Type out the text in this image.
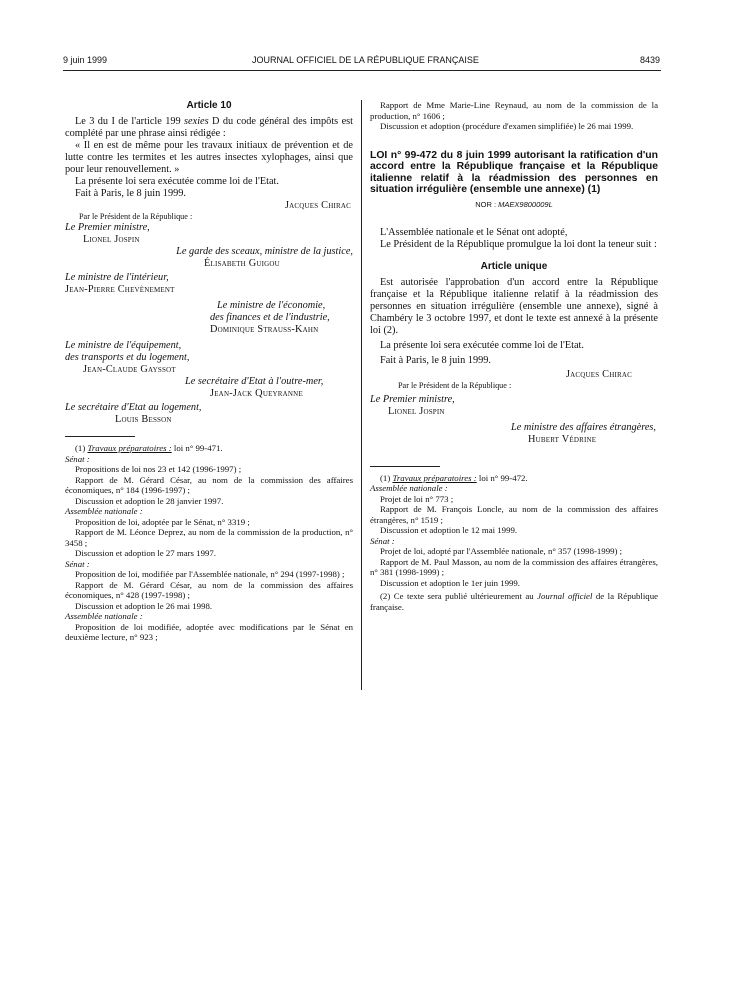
9 juin 1999	JOURNAL OFFICIEL DE LA RÉPUBLIQUE FRANÇAISE	8439
Article 10

Le 3 du I de l'article 199 sexies D du code général des impôts est complété par une phrase ainsi rédigée :

« Il en est de même pour les travaux initiaux de prévention et de lutte contre les termites et les autres insectes xylophages, ainsi que pour leur renouvellement. »

La présente loi sera exécutée comme loi de l'Etat.

Fait à Paris, le 8 juin 1999.

Jacques Chirac

Par le Président de la République :

Le Premier ministre,

Lionel Jospin

Le garde des sceaux, ministre de la justice,

Élisabeth Guigou

Le ministre de l'intérieur,

Jean-Pierre Chevènement

Le ministre de l'économie,

des finances et de l'industrie,

Dominique Strauss-Kahn

Le ministre de l'équipement,

des transports et du logement,

Jean-Claude Gayssot

Le secrétaire d'Etat à l'outre-mer,

Jean-Jack Queyranne

Le secrétaire d'Etat au logement,

Louis Besson

(1) Travaux préparatoires : loi n° 99-471.

Sénat :

Propositions de loi nos 23 et 142 (1996-1997) ;

Rapport de M. Gérard César, au nom de la commission des affaires économiques, n° 184 (1996-1997) ;

Discussion et adoption le 28 janvier 1997.

Assemblée nationale :

Proposition de loi, adoptée par le Sénat, n° 3319 ;

Rapport de M. Léonce Deprez, au nom de la commission de la production, n° 3458 ;

Discussion et adoption le 27 mars 1997.

Sénat :

Proposition de loi, modifiée par l'Assemblée nationale, n° 294 (1997-1998) ;

Rapport de M. Gérard César, au nom de la commission des affaires économiques, n° 428 (1997-1998) ;

Discussion et adoption le 26 mai 1998.

Assemblée nationale :

Proposition de loi modifiée, adoptée avec modifications par le Sénat en deuxième lecture, n° 923 ;

Rapport de Mme Marie-Line Reynaud, au nom de la commission de la production, n° 1606 ;

Discussion et adoption (procédure d'examen simplifiée) le 26 mai 1999.

LOI n° 99-472 du 8 juin 1999 autorisant la ratification d'un accord entre la République française et la République italienne relatif à la réadmission des personnes en situation irrégulière (ensemble une annexe) (1)
NOR : MAEX9800009L

L'Assemblée nationale et le Sénat ont adopté,

Le Président de la République promulgue la loi dont la teneur suit :

Article unique

Est autorisée l'approbation d'un accord entre la République française et la République italienne relatif à la réadmission des personnes en situation irrégulière (ensemble une annexe), signé à Chambéry le 3 octobre 1997, et dont le texte est annexé à la présente loi (2).

La présente loi sera exécutée comme loi de l'Etat.

Fait à Paris, le 8 juin 1999.

Jacques Chirac

Par le Président de la République :

Le Premier ministre,

Lionel Jospin

Le ministre des affaires étrangères,

Hubert Védrine

(1) Travaux préparatoires : loi n° 99-472.

Assemblée nationale :

Projet de loi n° 773 ;

Rapport de M. François Loncle, au nom de la commission des affaires étrangères, n° 1519 ;

Discussion et adoption le 12 mai 1999.

Sénat :

Projet de loi, adopté par l'Assemblée nationale, n° 357 (1998-1999) ;

Rapport de M. Paul Masson, au nom de la commission des affaires étrangères, n° 381 (1998-1999) ;

Discussion et adoption le 1er juin 1999.

(2) Ce texte sera publié ultérieurement au Journal officiel de la République française.
